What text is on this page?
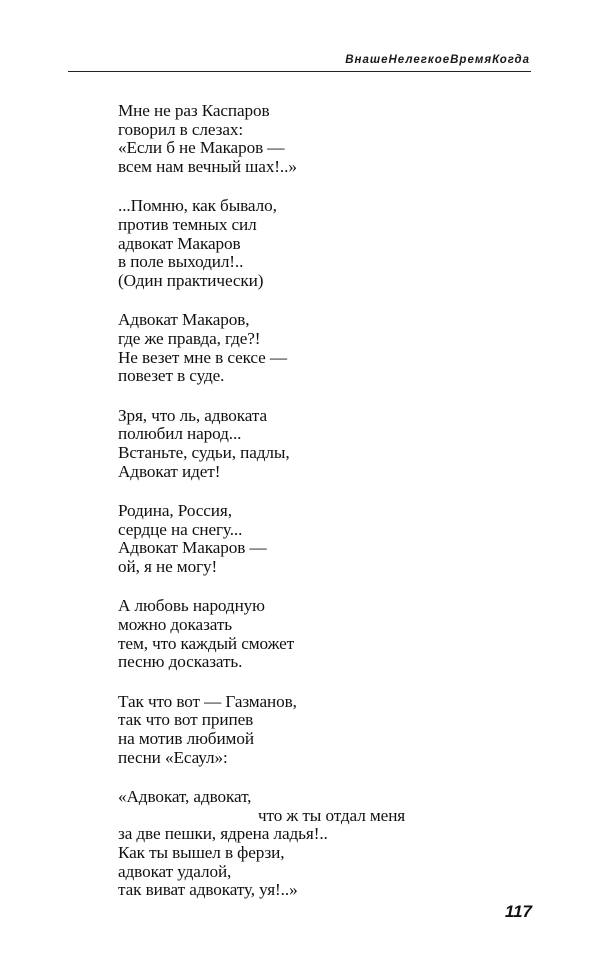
ВнашеНелегкоеВремяКогда
Мне не раз Каспаров
говорил в слезах:
«Если б не Макаров —
всем нам вечный шах!..»
...Помню, как бывало,
против темных сил
адвокат Макаров
в поле выходил!..
(Один практически)
Адвокат Макаров,
где же правда, где?!
Не везет мне в сексе —
повезет в суде.
Зря, что ль, адвоката
полюбил народ...
Встаньте, судьи, падлы,
Адвокат идет!
Родина, Россия,
сердце на снегу...
Адвокат Макаров —
ой, я не могу!
А любовь народную
можно доказать
тем, что каждый сможет
песню досказать.
Так что вот — Газманов,
так что вот припев
на мотив любимой
песни «Есаул»:
«Адвокат, адвокат,
что ж ты отдал меня
за две пешки, ядрена ладья!..
Как ты вышел в ферзи,
адвокат удалой,
так виват адвокату, уя!..»
117
